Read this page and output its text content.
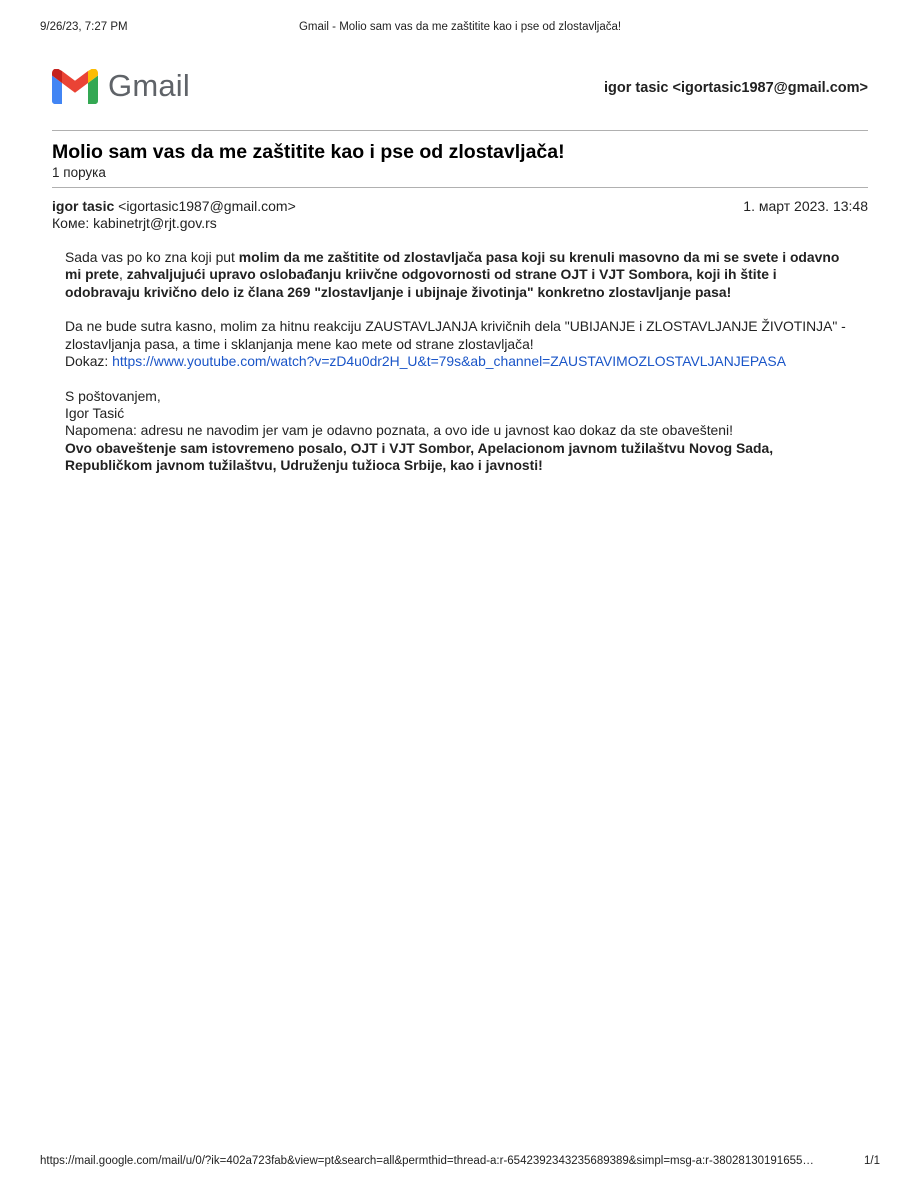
9/26/23, 7:27 PM	Gmail - Molio sam vas da me zaštitite kao i pse od zlostavljača!
Gmail	igor tasic <igortasic1987@gmail.com>
Molio sam vas da me zaštitite kao i pse od zlostavljača!
1 порука
igor tasic <igortasic1987@gmail.com>	1. март 2023. 13:48
Коме: kabinetrjt@rjt.gov.rs

Sada vas po ko zna koji put molim da me zaštitite od zlostavljača pasa koji su krenuli masovno da mi se svete i odavno mi prete, zahvaljujući upravo oslobađanju kriivčne odgovornosti od strane OJT i VJT Sombora, koji ih štite i odobravaju krivično delo iz člana 269 "zlostavljanje i ubijnaje životinja" konkretno zlostavljanje pasa!

Da ne bude sutra kasno, molim za hitnu reakciju ZAUSTAVLJANJA krivičnih dela "UBIJANJE i ZLOSTAVLJANJE ŽIVOTINJA" - zlostavljanja pasa, a time i sklanjanja mene kao mete od strane zlostavljača!

Dokaz: https://www.youtube.com/watch?v=zD4u0dr2H_U&t=79s&ab_channel=ZAUSTAVIMOZLOSTAVLJANJEPASA

S poštovanjem,

Igor Tasić

Napomena: adresu ne navodim jer vam je odavno poznata, a ovo ide u javnost kao dokaz da ste obavešteni!

Ovo obaveštenje sam istovremeno posalo, OJT i VJT Sombor, Apelacionom javnom tužilaštvu Novog Sada, Republičkom javnom tužilaštvu, Udruženju tužioca Srbije, kao i javnosti!

https://mail.google.com/mail/u/0/?ik=402a723fab&view=pt&search=all&permthid=thread-a:r-6542392343235689389&simpl=msg-a:r-38028130191655…	1/1
